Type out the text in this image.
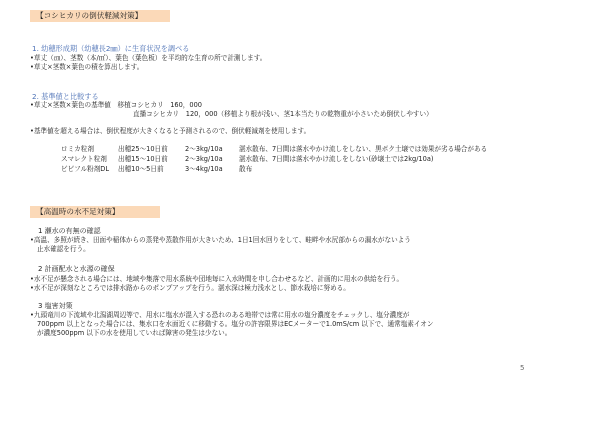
【コシヒカリの倒伏軽減対策】
1. 幼穂形成期（幼穂長2㎜）に生育状況を調べる
•草丈（㎝）、茎数（本/㎡）、葉色（葉色板）を平均的な生育の所で計測します。
•草丈×茎数×葉色の積を算出します。
2. 基準値と比較する
•草丈×茎数×葉色の基準値　移植コシヒカリ　160，000
直播コシヒカリ　120，000（移植より根が浅い、茎1本当たりの乾物重が小さいため倒伏しやすい）
•基準値を超える場合は、倒伏程度が大きくなると予測されるので、倒伏軽減剤を使用します。
ロミカ粒剤	出穂25～10日前	2～3kg/10a 湛水散布、7日間は落水やかけ流しをしない、黒ボク土壌では効果が劣る場合がある
スマレクト粒剤 出穂15～10日前	2～3kg/10a 湛水散布、7日間は落水やかけ流しをしない(砂壌土では2kg/10a)
ビビフル粉剤DL 出穂10～5日前	3～4kg/10a 散布
【高温時の水不足対策】
1 瀬水の有無の確認
•高温、多照が続き、田面や稲体からの蒸発や蒸散作用が大きいため、1日1回水回りをして、畦畔や水尻部からの漏水がないよう
止水確認を行う。
2 計画配水と水源の確保
•水不足が懸念される場合には、地域や集落で用水系統や団地毎に入水時間を申し合わせるなど、計画的に用水の供給を行う。
•水不足が深刻なところでは排水路からのポンプアップを行う。湛水深は極力浅水とし、節水栽培に努める。
3 塩害対策
•九頭竜川の下流域や北潟湖周辺等で、用水に塩水が混入する恐れのある地帯では常に用水の塩分濃度をチェックし、塩分濃度が
700ppm 以上となった場合には、集水口を水面近くに移動する。塩分の許容限界はECメーターで1.0mS/cm 以下で、通常塩素イオン
が濃度500ppm 以下の水を使用していれば障害の発生は少ない。
5
